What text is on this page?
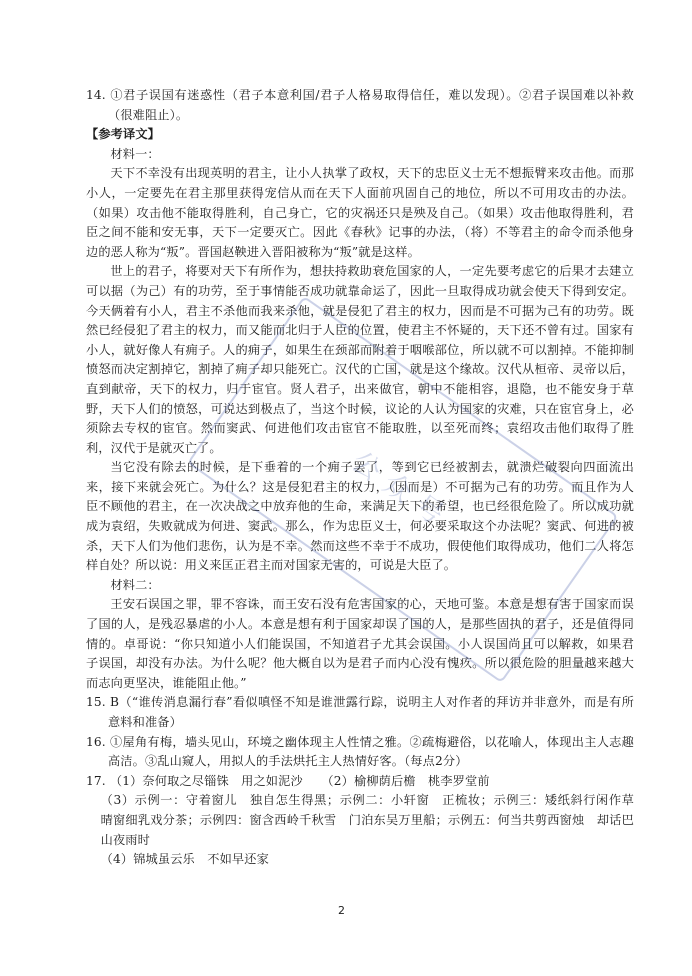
14. ①君子误国有迷惑性（君子本意利国/君子人格易取得信任，难以发现）。②君子误国难以补救（很难阻止）。

【参考译文】

材料一：

天下不幸没有出现英明的君主，让小人执掌了政权，天下的忠臣义士无不想振臂来攻击他。而那小人，一定要先在君主那里获得宠信从而在天下人面前巩固自己的地位，所以不可用攻击的办法。（如果）攻击他不能取得胜利，自己身亡，它的灾祸还只是殃及自己。（如果）攻击他取得胜利，君臣之间不能和安无事，天下一定要灭亡。因此《春秋》记事的办法，（将）不等君主的命令而杀他身边的恶人称为“叛”。晋国赵鞅进入晋阳被称为“叛”就是这样。

世上的君子，将要对天下有所作为，想扶持救助衰危国家的人，一定先要考虑它的后果才去建立可以据（为己）有的功劳，至于事情能否成功就靠命运了，因此一旦取得成功就会使天下得到安定。今天俩着有小人，君主不杀他而我来杀他，就是侵犯了君主的权力，因而是不可据为己有的功劳。既然已经侵犯了君主的权力，而又能而北归于人臣的位置，使君主不怀疑的，天下还不曾有过。国家有小人，就好像人有痈子。人的痈子，如果生在颈部而附着于咽喉部位，所以就不可以割掉。不能抑制愤怒而决定割掉它，割掉了痈子却只能死亡。汉代的亡国，就是这个缘故。汉代从桓帝、灵帝以后，直到献帝，天下的权力，归于宦官。贤人君子，出来做官，朝中不能相容，退隐，也不能安身于草野，天下人们的愤怒，可说达到极点了，当这个时候，议论的人认为国家的灾难，只在宦官身上，必须除去专权的宦官。然而窦武、何进他们攻击宦官不能取胜，以至死而终；袁绍攻击他们取得了胜利，汉代于是就灭亡了。

当它没有除去的时候，是下垂着的一个痈子罢了，等到它已经被割去，就溃烂破裂向四面流出来，接下来就会死亡。为什么？这是侵犯君主的权力，（因而是）不可据为己有的功劳。而且作为人臣不顾他的君主，在一次决战之中放弃他的生命，来满足天下的希望，也已经很危险了。所以成功就成为袁绍，失败就成为何进、窦武。那么，作为忠臣义士，何必要采取这个办法呢？窦武、何进的被杀，天下人们为他们悲伤，认为是不幸。然而这些不幸于不成功，假使他们取得成功，他们二人将怎样自处？所以说：用义来匡正君主而对国家无害的，可说是大臣了。

材料二：

王安石误国之罪，罪不容诛，而王安石没有危害国家的心，天地可鉴。本意是想有害于国家而误了国的人，是残忍暴虐的小人。本意是想有利于国家却误了国的人，是那些固执的君子，还是值得同情的。卓哥说：“你只知道小人们能误国，不知道君子尤其会误国。小人误国尚且可以解救，如果君子误国，却没有办法。为什么呢？他大概自以为是君子而内心没有愧疚。所以很危险的胆量越来越大而志向更坚决，谁能阻止他。”

15. B（“谁传消息漏行春”看似嗔怪不知是谁泄露行踪，说明主人对作者的拜访并非意外，而是有所意料和准备）

16. ①屋角有梅，墙头见山，环境之幽体现主人性情之雅。②疏梅避俗，以花喻人，体现出主人志趣高洁。③乱山窥人，用拟人的手法烘托主人热情好客。（每点2分）

17. （1）奈何取之尽锱铢　用之如泥沙　　（2）榆柳荫后檐　桃李罗堂前

（3）示例一：守着窗儿　独自怎生得黑；示例二：小轩窗　正梳妆；示例三：矮纸斜行闲作草　晴窗细乳戏分茶；示例四：窗含西岭千秋雪　门泊东吴万里船；示例五：何当共剪西窗烛　却话巴山夜雨时

（4）锦城虽云乐　不如早还家

2
公众号
